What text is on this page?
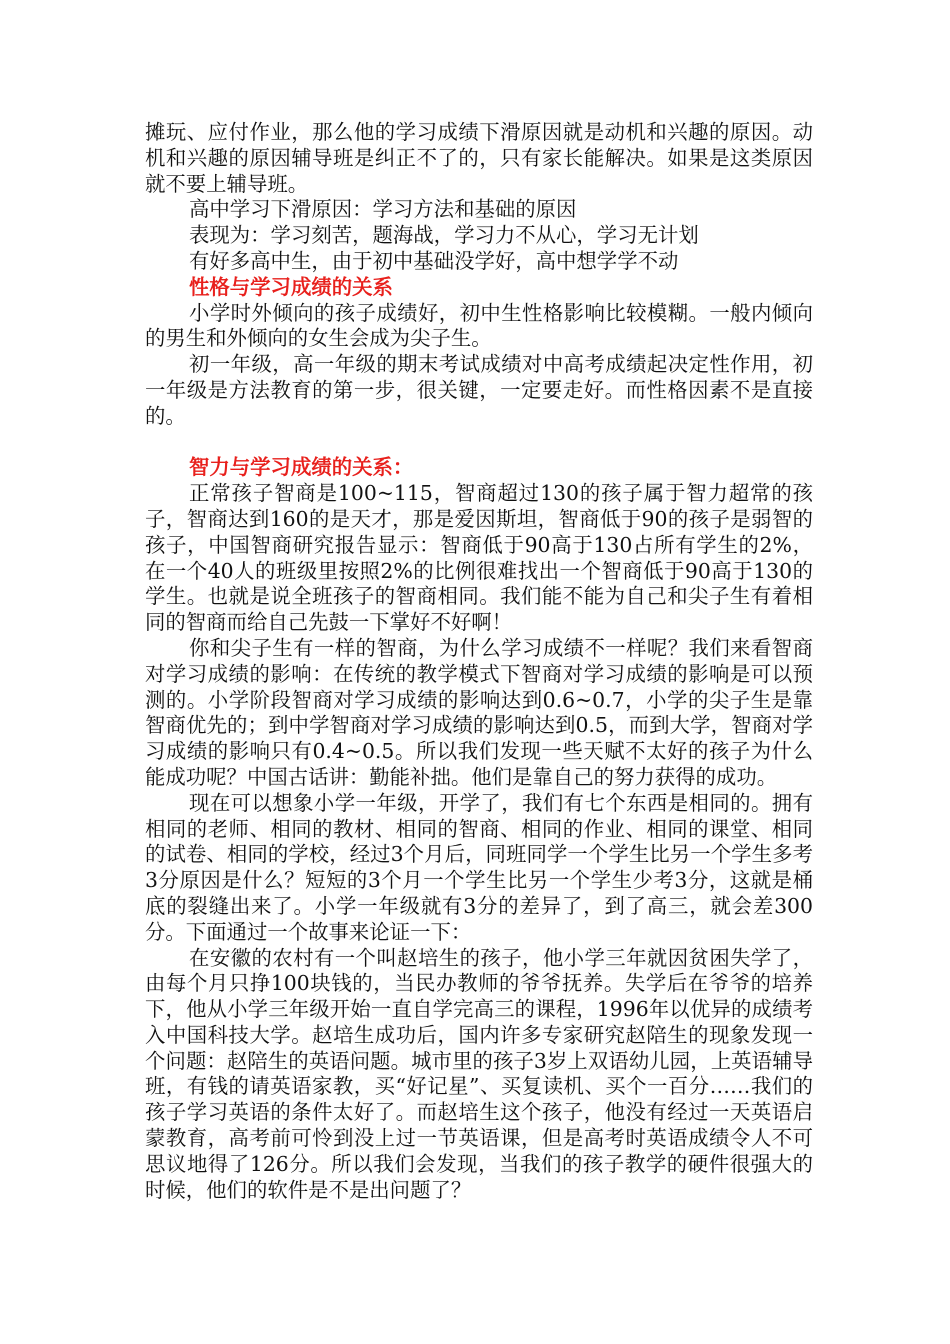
摊玩、应付作业，那么他的学习成绩下滑原因就是动机和兴趣的原因。动机和兴趣的原因辅导班是纠正不了的，只有家长能解决。如果是这类原因就不要上辅导班。

高中学习下滑原因：学习方法和基础的原因

表现为：学习刻苦，题海战，学习力不从心，学习无计划

有好多高中生，由于初中基础没学好，高中想学学不动

性格与学习成绩的关系

小学时外倾向的孩子成绩好，初中生性格影响比较模糊。一般内倾向的男生和外倾向的女生会成为尖子生。

初一年级，高一年级的期末考试成绩对中高考成绩起决定性作用，初一年级是方法教育的第一步，很关键，一定要走好。而性格因素不是直接的。

智力与学习成绩的关系：

正常孩子智商是100~115，智商超过130的孩子属于智力超常的孩子，智商达到160的是天才，那是爱因斯坦，智商低于90的孩子是弱智的孩子，中国智商研究报告显示：智商低于90高于130占所有学生的2%，在一个40人的班级里按照2%的比例很难找出一个智商低于90高于130的学生。也就是说全班孩子的智商相同。我们能不能为自己和尖子生有着相同的智商而给自己先鼓一下掌好不好啊！

你和尖子生有一样的智商，为什么学习成绩不一样呢？我们来看智商对学习成绩的影响：在传统的教学模式下智商对学习成绩的影响是可以预测的。小学阶段智商对学习成绩的影响达到0.6~0.7，小学的尖子生是靠智商优先的；到中学智商对学习成绩的影响达到0.5，而到大学，智商对学习成绩的影响只有0.4~0.5。所以我们发现一些天赋不太好的孩子为什么能成功呢？中国古话讲：勤能补拙。他们是靠自己的努力获得的成功。

现在可以想象小学一年级，开学了，我们有七个东西是相同的。拥有相同的老师、相同的教材、相同的智商、相同的作业、相同的课堂、相同的试卷、相同的学校，经过3个月后，同班同学一个学生比另一个学生多考3分原因是什么？短短的3个月一个学生比另一个学生少考3分，这就是桶底的裂缝出来了。小学一年级就有3分的差异了，到了高三，就会差300分。下面通过一个故事来论证一下：

在安徽的农村有一个叫赵培生的孩子，他小学三年就因贫困失学了，由每个月只挣100块钱的，当民办教师的爷爷抚养。失学后在爷爷的培养下，他从小学三年级开始一直自学完高三的课程，1996年以优异的成绩考入中国科技大学。赵培生成功后，国内许多专家研究赵陪生的现象发现一个问题：赵陪生的英语问题。城市里的孩子3岁上双语幼儿园，上英语辅导班，有钱的请英语家教，买“好记星”、买复读机、买个一百分……我们的孩子学习英语的条件太好了。而赵培生这个孩子，他没有经过一天英语启蒙教育，高考前可怜到没上过一节英语课，但是高考时英语成绩令人不可思议地得了126分。所以我们会发现，当我们的孩子教学的硬件很强大的时候，他们的软件是不是出问题了？
